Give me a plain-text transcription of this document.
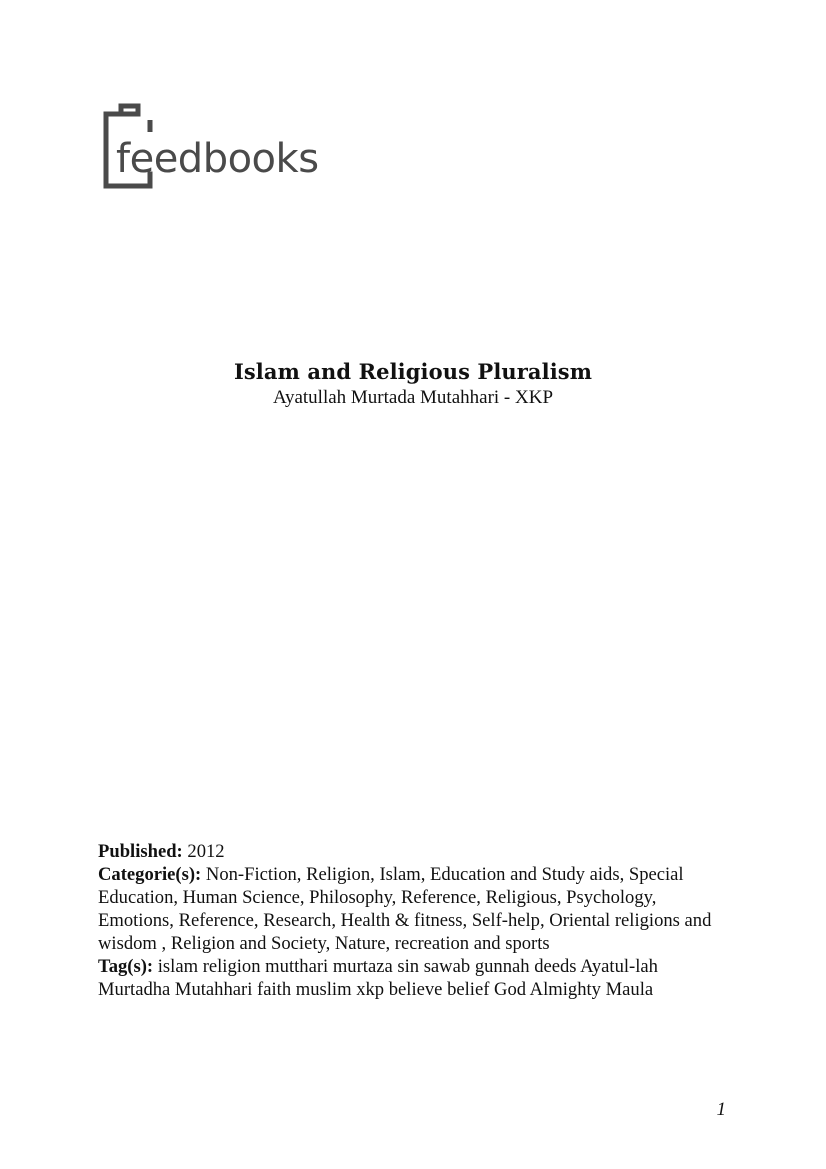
feedbooks

Islam and Religious Pluralism

Ayatullah Murtada Mutahhari - XKP

Published: 2012

Categorie(s): Non-Fiction, Religion, Islam, Education and Study aids, Special Education, Human Science, Philosophy, Reference, Religious, Psychology, Emotions, Reference, Research, Health & fitness, Self-help, Oriental religions and wisdom , Religion and Society, Nature, recreation and sports

Tag(s): islam religion mutthari murtaza sin sawab gunnah deeds Ayatul-lah Murtadha Mutahhari faith muslim xkp believe belief God Almighty Maula

1
